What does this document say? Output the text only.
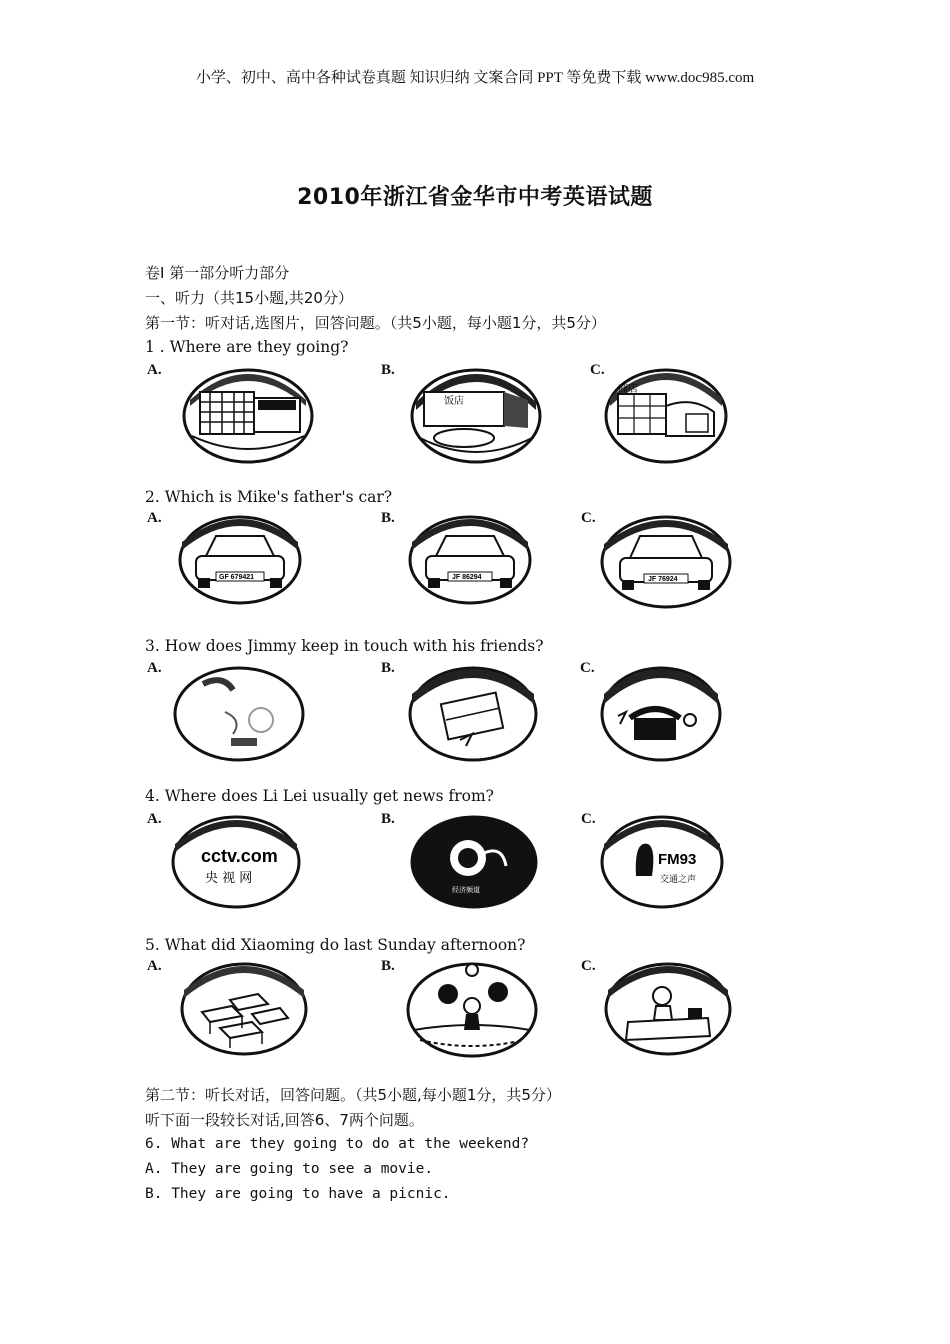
小学、初中、高中各种试卷真题 知识归纳 文案合同 PPT 等免费下载 www.doc985.com
2010年浙江省金华市中考英语试题
卷I 第一部分听力部分
一、听力（共15小题,共20分）
第一节：听对话,选图片，回答问题。（共5小题，每小题1分，共5分）
1 . Where are they going?
A.	B.	C.
饭店
商店
2. Which is Mike's father's car?
A.	B.	C.
GF 679421	JF 86294	JF 76924
3. How does Jimmy keep in touch with his friends?
A.	B.	C.
4. Where does Li Lei usually get news from?
A.	B.	C.
cctv.com
央 视 网
经济频道
FM93
交通之声
5. What did Xiaoming do last Sunday afternoon?
A.	B.	C.
第二节：听长对话，回答问题。（共5小题,每小题1分，共5分）
听下面一段较长对话,回答6、7两个问题。
6. What are they going to do at the weekend?
A. They are going to see a movie.
B. They are going to have a picnic.
